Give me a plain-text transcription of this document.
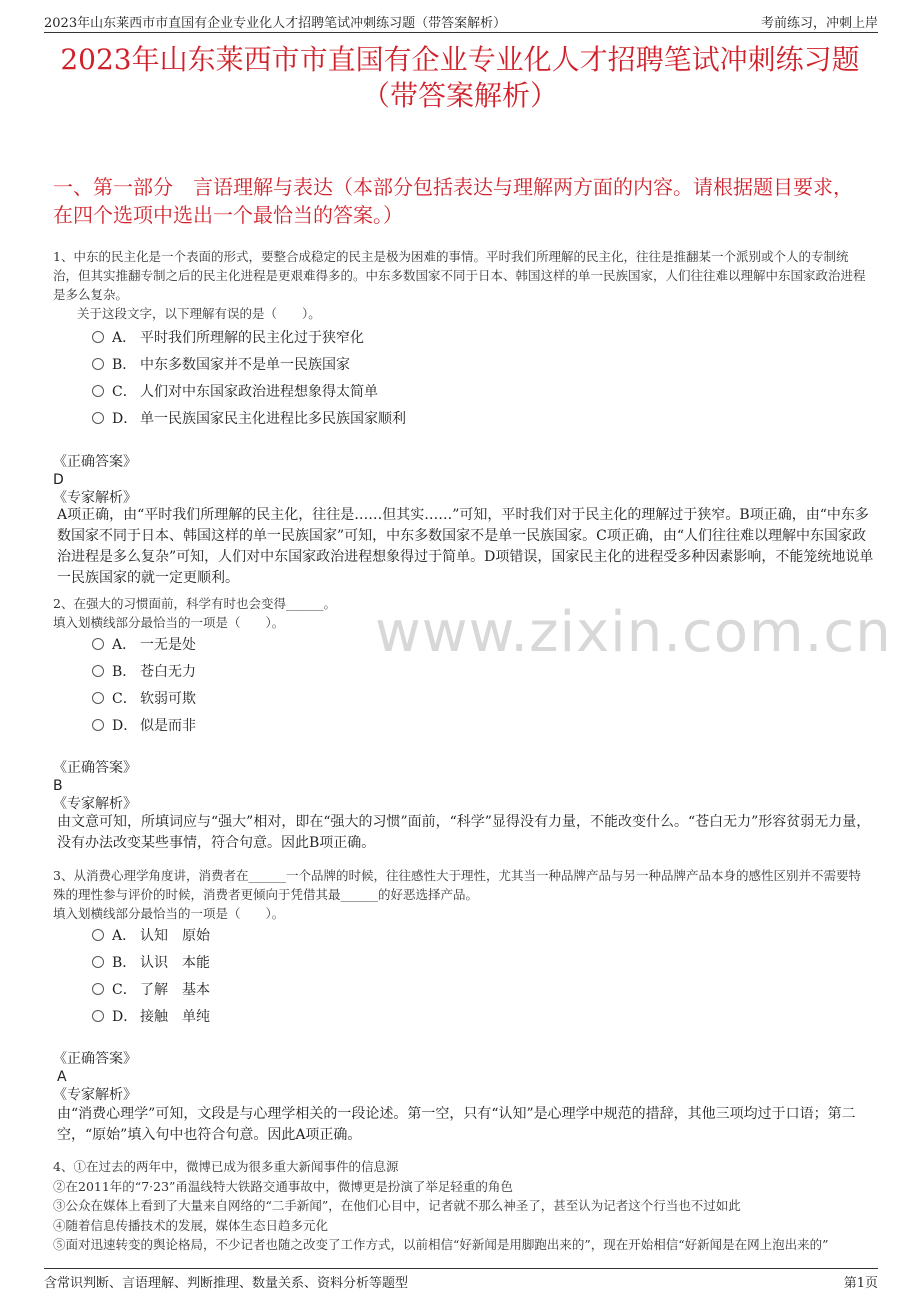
2023年山东莱西市市直国有企业专业化人才招聘笔试冲刺练习题（带答案解析）	考前练习，冲刺上岸
2023年山东莱西市市直国有企业专业化人才招聘笔试冲刺练习题（带答案解析）
一、第一部分　言语理解与表达（本部分包括表达与理解两方面的内容。请根据题目要求，在四个选项中选出一个最恰当的答案。）
www.zixin.com.cn

1、中东的民主化是一个表面的形式，要整合成稳定的民主是极为困难的事情。平时我们所理解的民主化，往往是推翻某一个派别或个人的专制统治，但其实推翻专制之后的民主化进程是更艰难得多的。中东多数国家不同于日本、韩国这样的单一民族国家，人们往往难以理解中东国家政治进程是多么复杂。

关于这段文字，以下理解有误的是（　　）。

A． 平时我们所理解的民主化过于狭窄化
B． 中东多数国家并不是单一民族国家
C． 人们对中东国家政治进程想象得太简单
D． 单一民族国家民主化进程比多民族国家顺利
《正确答案》
D
《专家解析》
A项正确，由“平时我们所理解的民主化，往往是……但其实……”可知，平时我们对于民主化的理解过于狭窄。B项正确，由“中东多数国家不同于日本、韩国这样的单一民族国家”可知，中东多数国家不是单一民族国家。C项正确，由“人们往往难以理解中东国家政治进程是多么复杂”可知，人们对中东国家政治进程想象得过于简单。D项错误，国家民主化的进程受多种因素影响，不能笼统地说单一民族国家的就一定更顺利。

2、在强大的习惯面前，科学有时也会变得______。

填入划横线部分最恰当的一项是（　　）。

A． 一无是处
B． 苍白无力
C． 软弱可欺
D． 似是而非
《正确答案》
B
《专家解析》
由文意可知，所填词应与“强大”相对，即在“强大的习惯”面前，“科学”显得没有力量，不能改变什么。“苍白无力”形容贫弱无力量，没有办法改变某些事情，符合句意。因此B项正确。

3、从消费心理学角度讲，消费者在______一个品牌的时候，往往感性大于理性，尤其当一种品牌产品与另一种品牌产品本身的感性区别并不需要特殊的理性参与评价的时候，消费者更倾向于凭借其最______的好恶选择产品。

填入划横线部分最恰当的一项是（　　）。

A． 认知　原始
B． 认识　本能
C． 了解　基本
D． 接触　单纯
《正确答案》
A
《专家解析》
由“消费心理学”可知，文段是与心理学相关的一段论述。第一空，只有“认知”是心理学中规范的措辞，其他三项均过于口语；第二空，“原始”填入句中也符合句意。因此A项正确。

4、①在过去的两年中，微博已成为很多重大新闻事件的信息源

②在2011年的“7·23”甬温线特大铁路交通事故中，微博更是扮演了举足轻重的角色

③公众在媒体上看到了大量来自网络的“二手新闻”，在他们心目中，记者就不那么神圣了，甚至认为记者这个行当也不过如此

④随着信息传播技术的发展，媒体生态日趋多元化

⑤面对迅速转变的舆论格局，不少记者也随之改变了工作方式，以前相信“好新闻是用脚跑出来的”，现在开始相信“好新闻是在网上泡出来的”

含常识判断、言语理解、判断推理、数量关系、资料分析等题型	第1页
